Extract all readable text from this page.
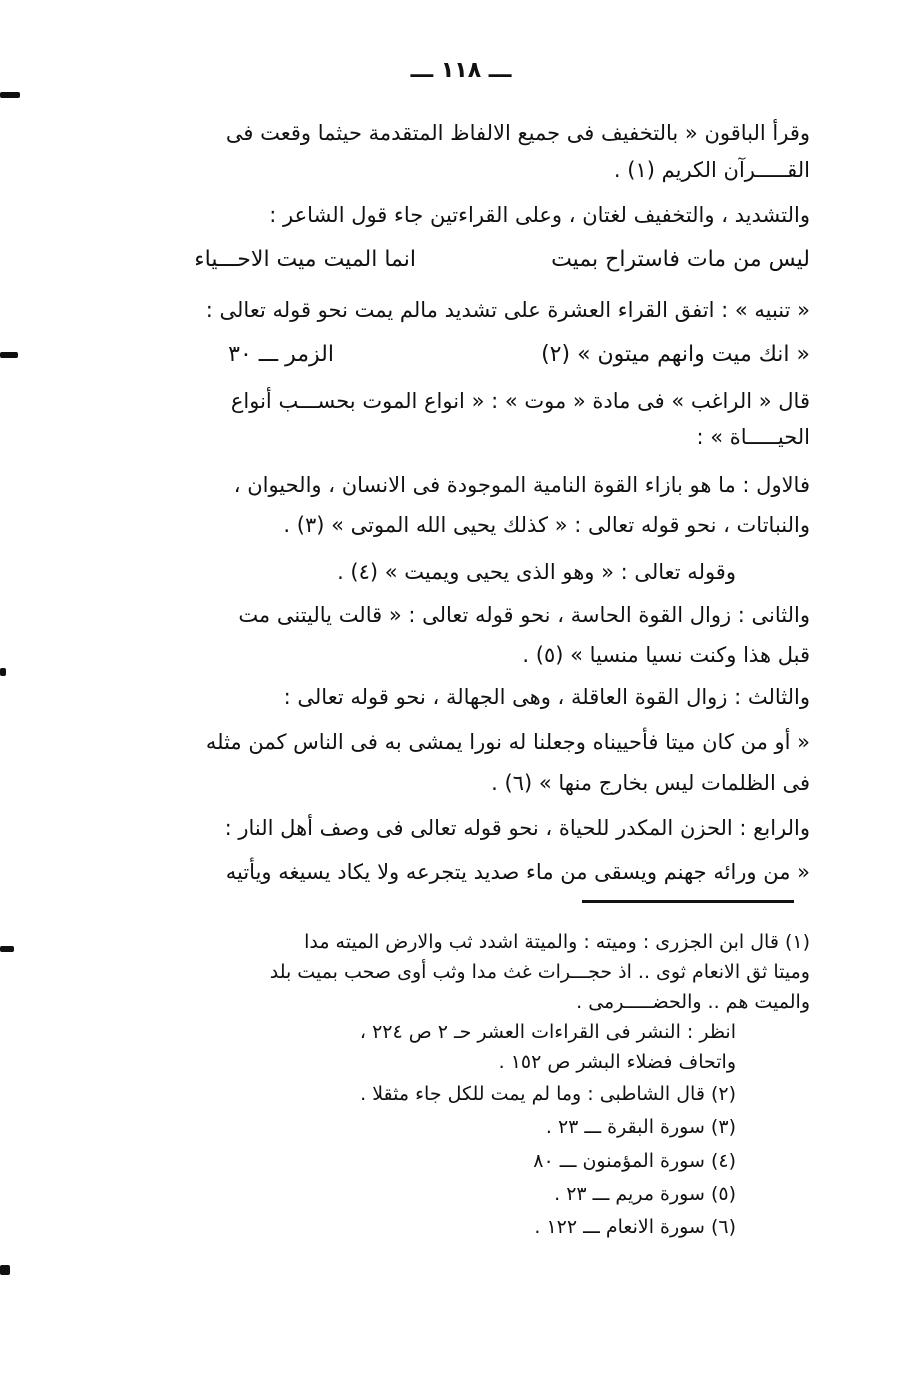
ـــ ١١٨ ـــ
وقرأ الباقون « بالتخفيف فى جميع الالفاظ المتقدمة حيثما وقعت فى
القـــــرآن الكريم (١) .
والتشديد ، والتخفيف لغتان ، وعلى القراءتين جاء قول الشاعر :
ليس من مات فاستراح بميت
انما الميت ميت الاحـــياء
« تنبيه » : اتفق القراء العشرة على تشديد مالم يمت نحو قوله تعالى :
« انك ميت وانهم ميتون » (٢)
الزمر ـــ ٣٠
قال « الراغب » فى مادة « موت » : « انواع الموت بحســـب أنواع
الحيـــــاة » :
فالاول : ما هو بازاء القوة النامية الموجودة فى الانسان ، والحيوان ،
والنباتات ، نحو قوله تعالى : « كذلك يحيى الله الموتى » (٣) .
وقوله تعالى : « وهو الذى يحيى ويميت » (٤) .
والثانى : زوال القوة الحاسة ، نحو قوله تعالى : « قالت ياليتنى مت
قبل هذا وكنت نسيا منسيا » (٥) .
والثالث : زوال القوة العاقلة ، وهى الجهالة ، نحو قوله تعالى :
« أو من كان ميتا فأحييناه وجعلنا له نورا يمشى به فى الناس كمن مثله
فى الظلمات ليس بخارج منها » (٦) .
والرابع : الحزن المكدر للحياة ، نحو قوله تعالى فى وصف أهل النار :
« من ورائه جهنم ويسقى من ماء صديد يتجرعه ولا يكاد يسيغه ويأتيه
(١) قال ابن الجزرى : وميته : والميتة اشدد ثب والارض الميته مدا
وميتا ثق الانعام ثوى .. اذ حجـــرات غث مدا وثب أوى صحب بميت بلد
والميت هم .. والحضـــــرمى .
انظر : النشر فى القراءات العشر حـ ٢ ص ٢٢٤ ،
واتحاف فضلاء البشر ص ١٥٢ .
(٢) قال الشاطبى : وما لم يمت للكل جاء مثقلا .
(٣) سورة البقرة ـــ ٢٣ .
(٤) سورة المؤمنون ـــ ٨٠
(٥) سورة مريم ـــ ٢٣ .
(٦) سورة الانعام ـــ ١٢٢ .
